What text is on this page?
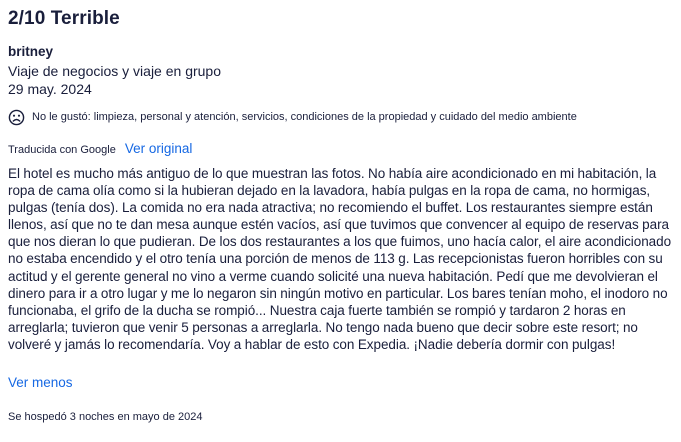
2/10 Terrible
britney
Viaje de negocios y viaje en grupo
29 may. 2024
No le gustó: limpieza, personal y atención, servicios, condiciones de la propiedad y cuidado del medio ambiente
Traducida con Google Ver original
El hotel es mucho más antiguo de lo que muestran las fotos. No había aire acondicionado en mi habitación, la ropa de cama olía como si la hubieran dejado en la lavadora, había pulgas en la ropa de cama, no hormigas, pulgas (tenía dos). La comida no era nada atractiva; no recomiendo el buffet. Los restaurantes siempre están llenos, así que no te dan mesa aunque estén vacíos, así que tuvimos que convencer al equipo de reservas para que nos dieran lo que pudieran. De los dos restaurantes a los que fuimos, uno hacía calor, el aire acondicionado no estaba encendido y el otro tenía una porción de menos de 113 g. Las recepcionistas fueron horribles con su actitud y el gerente general no vino a verme cuando solicité una nueva habitación. Pedí que me devolvieran el dinero para ir a otro lugar y me lo negaron sin ningún motivo en particular. Los bares tenían moho, el inodoro no funcionaba, el grifo de la ducha se rompió... Nuestra caja fuerte también se rompió y tardaron 2 horas en arreglarla; tuvieron que venir 5 personas a arreglarla. No tengo nada bueno que decir sobre este resort; no volveré y jamás lo recomendaría. Voy a hablar de esto con Expedia. ¡Nadie debería dormir con pulgas!
Ver menos
Se hospedó 3 noches en mayo de 2024
